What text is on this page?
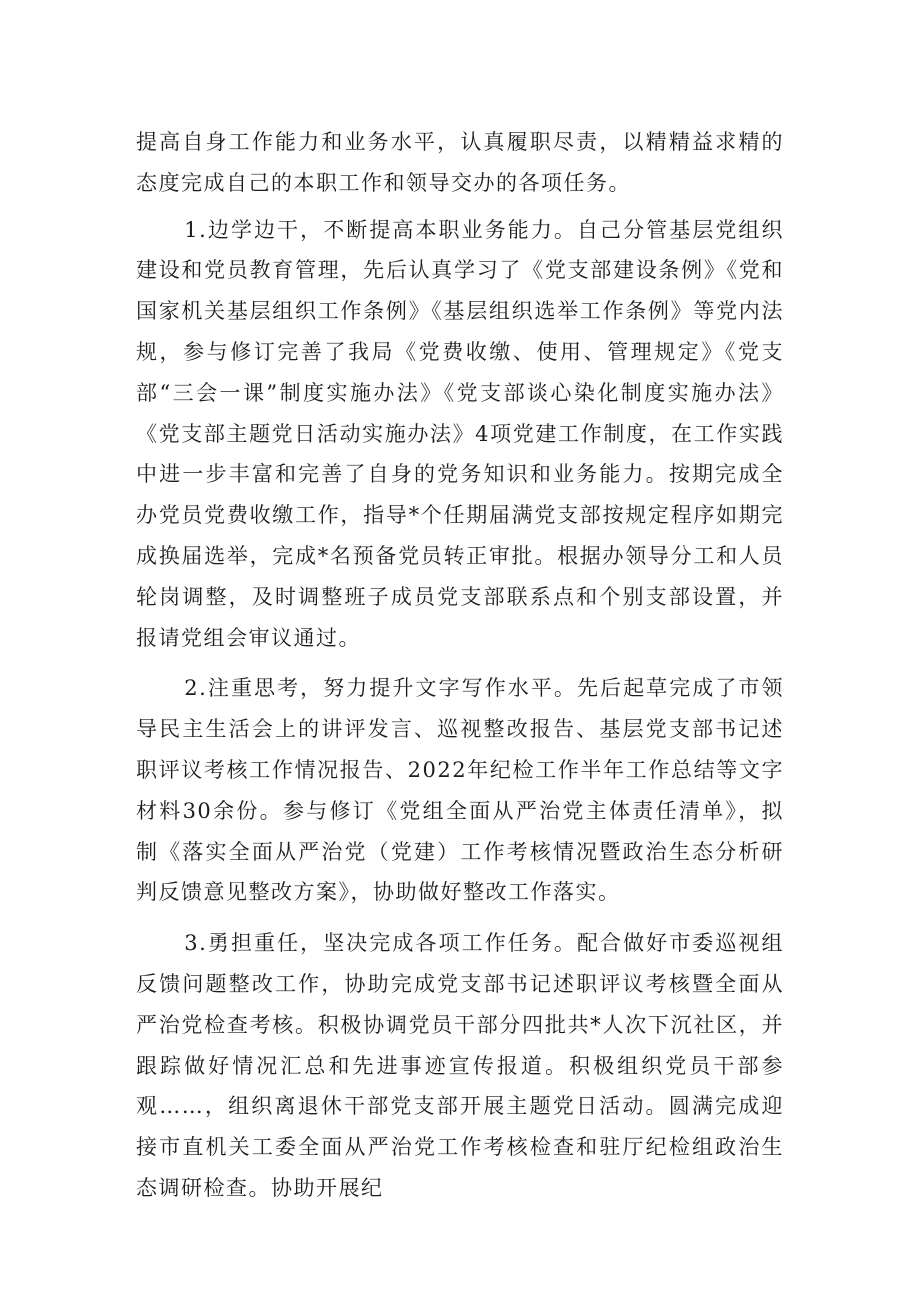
提高自身工作能力和业务水平，认真履职尽责，以精精益求精的态度完成自己的本职工作和领导交办的各项任务。

1.边学边干，不断提高本职业务能力。自己分管基层党组织建设和党员教育管理，先后认真学习了《党支部建设条例》《党和国家机关基层组织工作条例》《基层组织选举工作条例》等党内法规，参与修订完善了我局《党费收缴、使用、管理规定》《党支部“三会一课”制度实施办法》《党支部谈心染化制度实施办法》《党支部主题党日活动实施办法》4项党建工作制度，在工作实践中进一步丰富和完善了自身的党务知识和业务能力。按期完成全办党员党费收缴工作，指导*个任期届满党支部按规定程序如期完成换届选举，完成*名预备党员转正审批。根据办领导分工和人员轮岗调整，及时调整班子成员党支部联系点和个别支部设置，并报请党组会审议通过。

2.注重思考，努力提升文字写作水平。先后起草完成了市领导民主生活会上的讲评发言、巡视整改报告、基层党支部书记述职评议考核工作情况报告、2022年纪检工作半年工作总结等文字材料30余份。参与修订《党组全面从严治党主体责任清单》，拟制《落实全面从严治党（党建）工作考核情况暨政治生态分析研判反馈意见整改方案》，协助做好整改工作落实。

3.勇担重任，坚决完成各项工作任务。配合做好市委巡视组反馈问题整改工作，协助完成党支部书记述职评议考核暨全面从严治党检查考核。积极协调党员干部分四批共*人次下沉社区，并跟踪做好情况汇总和先进事迹宣传报道。积极组织党员干部参观……，组织离退休干部党支部开展主题党日活动。圆满完成迎接市直机关工委全面从严治党工作考核检查和驻厅纪检组政治生态调研检查。协助开展纪
